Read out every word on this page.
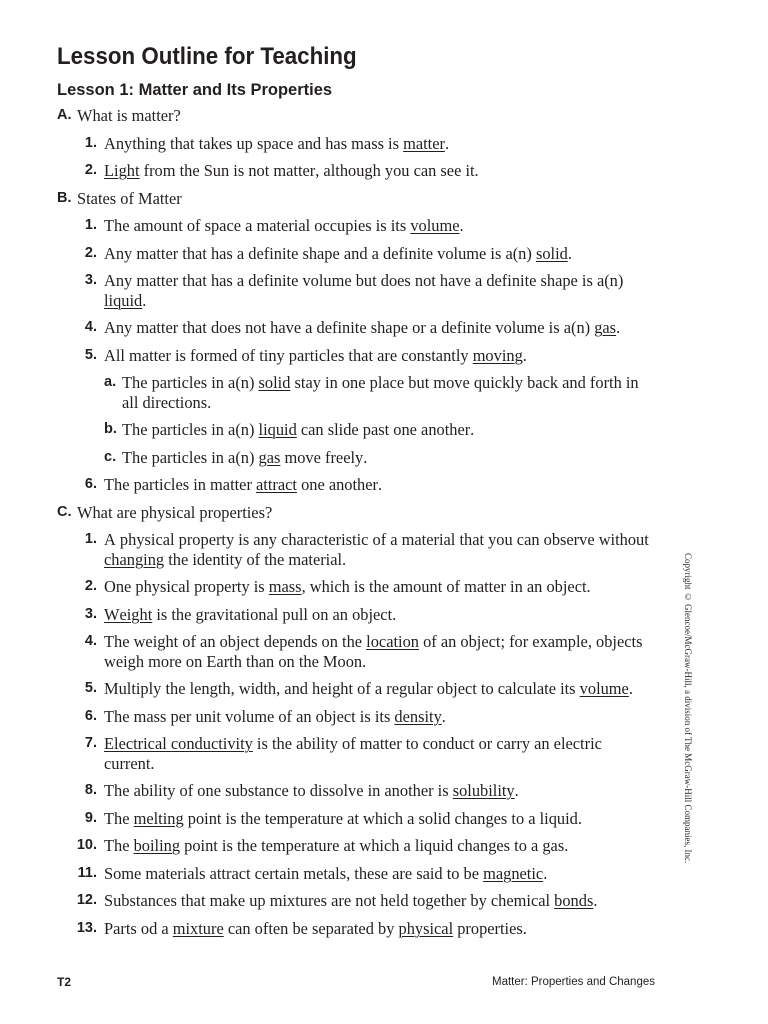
Lesson Outline for Teaching
Lesson 1: Matter and Its Properties
A. What is matter?
1. Anything that takes up space and has mass is matter.
2. Light from the Sun is not matter, although you can see it.
B. States of Matter
1. The amount of space a material occupies is its volume.
2. Any matter that has a definite shape and a definite volume is a(n) solid.
3. Any matter that has a definite volume but does not have a definite shape is a(n)
liquid.
4. Any matter that does not have a definite shape or a definite volume is a(n) gas.
5. All matter is formed of tiny particles that are constantly moving.
a. The particles in a(n) solid stay in one place but move quickly back and forth in
all directions.
b. The particles in a(n) liquid can slide past one another.
c. The particles in a(n) gas move freely.
6. The particles in matter attract one another.
C. What are physical properties?
1. A physical property is any characteristic of a material that you can observe without
changing the identity of the material.
2. One physical property is mass, which is the amount of matter in an object.
3. Weight is the gravitational pull on an object.
4. The weight of an object depends on the location of an object; for example, objects
weigh more on Earth than on the Moon.
5. Multiply the length, width, and height of a regular object to calculate its volume.
6. The mass per unit volume of an object is its density.
7. Electrical conductivity is the ability of matter to conduct or carry an electric
current.
8. The ability of one substance to dissolve in another is solubility.
9. The melting point is the temperature at which a solid changes to a liquid.
10. The boiling point is the temperature at which a liquid changes to a gas.
11. Some materials attract certain metals, these are said to be magnetic.
12. Substances that make up mixtures are not held together by chemical bonds.
13. Parts od a mixture can often be separated by physical properties.
Copyright © Glencoe/McGraw-Hill, a division of The McGraw-Hill Companies, Inc.
T2	Matter: Properties and Changes
